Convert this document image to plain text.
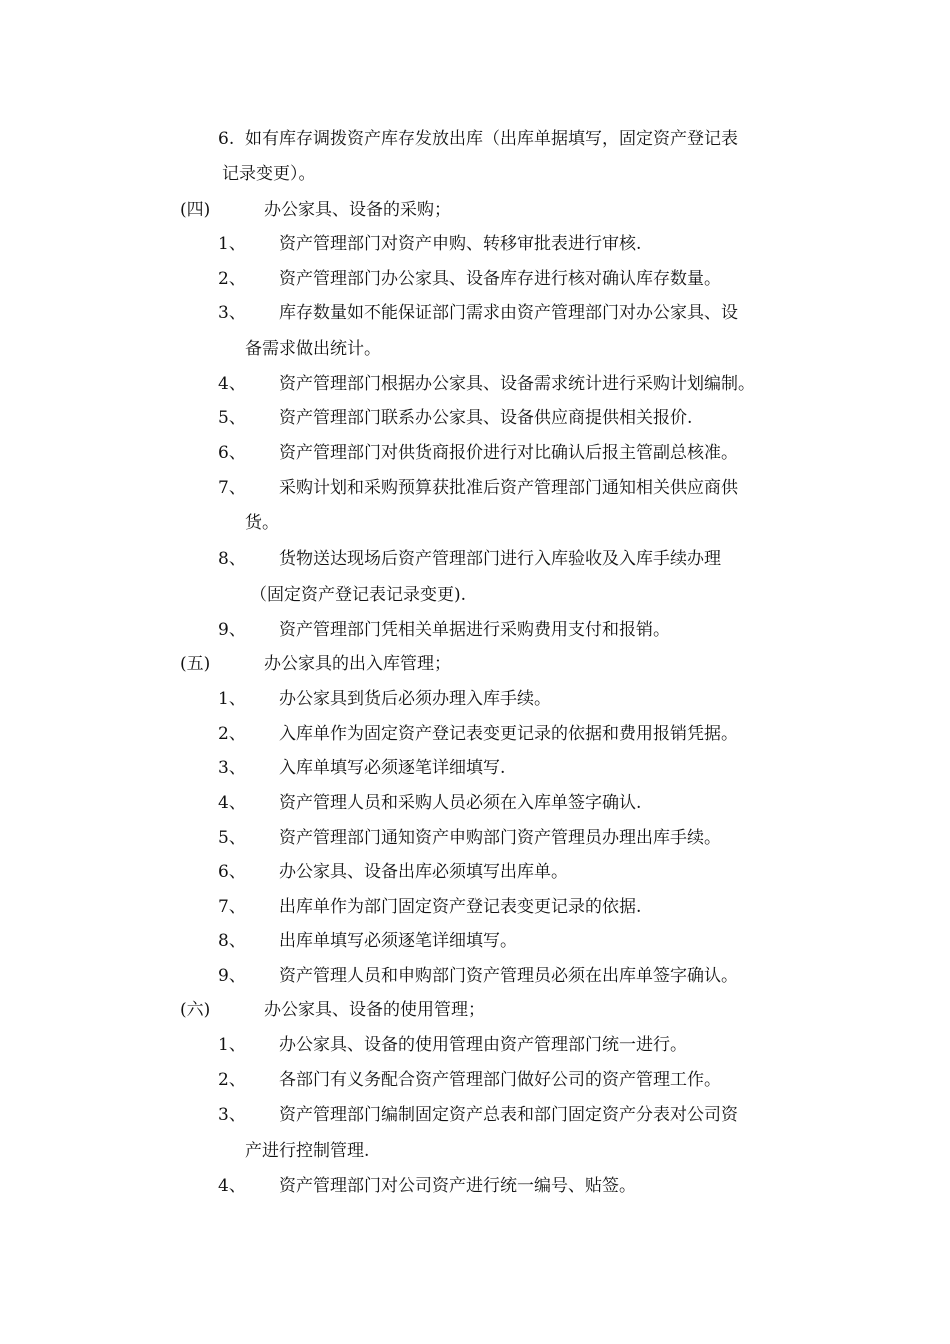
6. 如有库存调拨资产库存发放出库（出库单据填写，固定资产登记表
记录变更）。
(四)	办公家具、设备的采购；
1、 资产管理部门对资产申购、转移审批表进行审核.
2、 资产管理部门办公家具、设备库存进行核对确认库存数量。
3、 库存数量如不能保证部门需求由资产管理部门对办公家具、设
备需求做出统计。
4、 资产管理部门根据办公家具、设备需求统计进行采购计划编制。
5、 资产管理部门联系办公家具、设备供应商提供相关报价.
6、 资产管理部门对供货商报价进行对比确认后报主管副总核准。
7、 采购计划和采购预算获批准后资产管理部门通知相关供应商供
货。
8、 货物送达现场后资产管理部门进行入库验收及入库手续办理
（固定资产登记表记录变更).
9、 资产管理部门凭相关单据进行采购费用支付和报销。
(五)	办公家具的出入库管理；
1、 办公家具到货后必须办理入库手续。
2、 入库单作为固定资产登记表变更记录的依据和费用报销凭据。
3、 入库单填写必须逐笔详细填写.
4、 资产管理人员和采购人员必须在入库单签字确认.
5、 资产管理部门通知资产申购部门资产管理员办理出库手续。
6、 办公家具、设备出库必须填写出库单。
7、 出库单作为部门固定资产登记表变更记录的依据.
8、 出库单填写必须逐笔详细填写。
9、 资产管理人员和申购部门资产管理员必须在出库单签字确认。
(六)	办公家具、设备的使用管理；
1、 办公家具、设备的使用管理由资产管理部门统一进行。
2、 各部门有义务配合资产管理部门做好公司的资产管理工作。
3、 资产管理部门编制固定资产总表和部门固定资产分表对公司资
产进行控制管理.
4、 资产管理部门对公司资产进行统一编号、贴签。
